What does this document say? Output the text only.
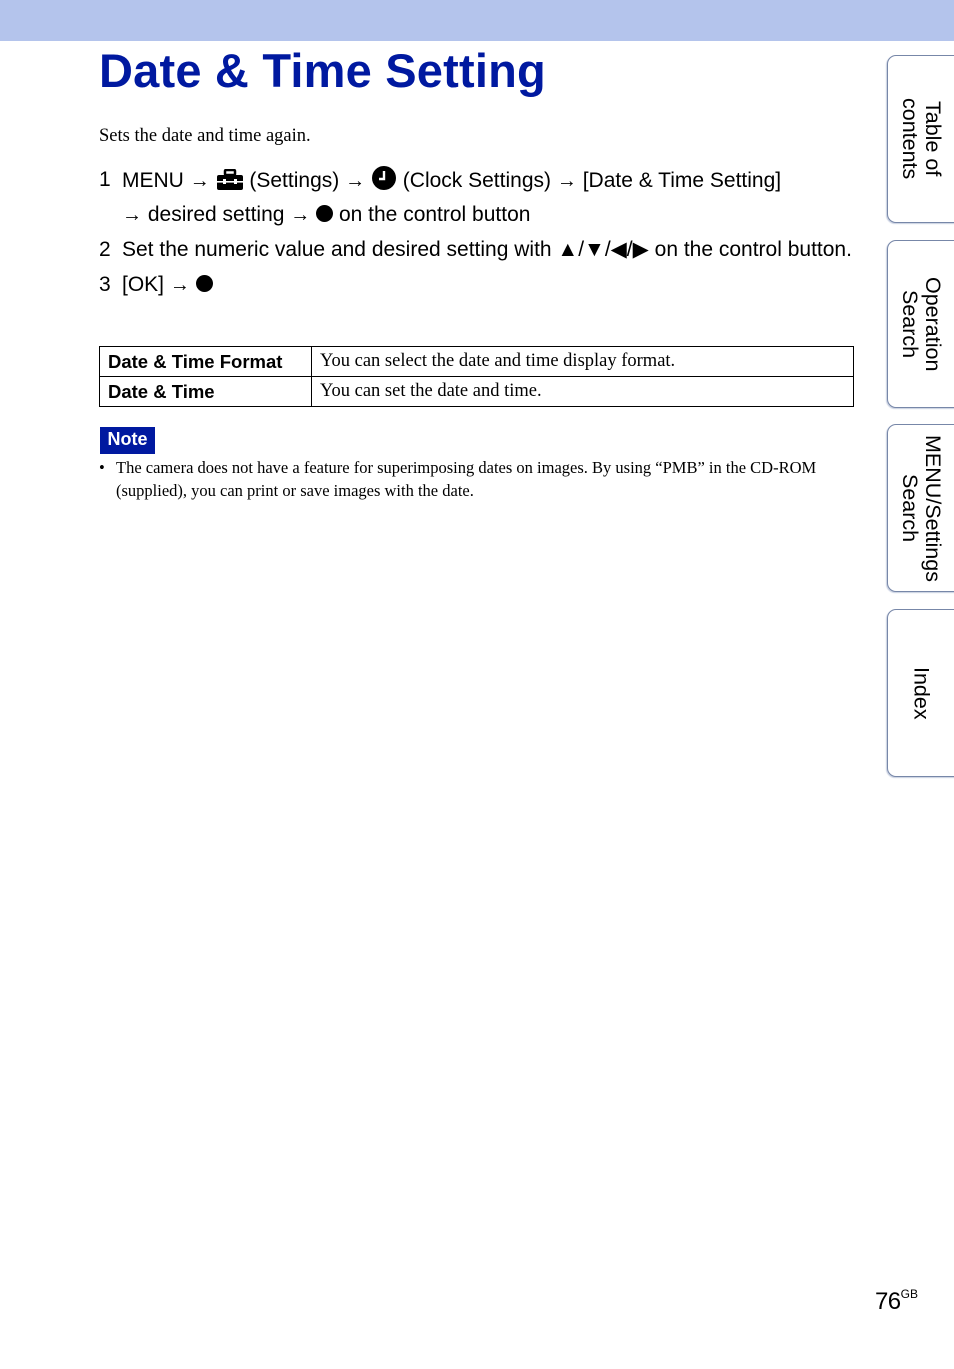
Date & Time Setting

Sets the date and time again.

1 MENU → (Settings) → (Clock Settings) → [Date & Time Setting]
→ desired setting → on the control button
2 Set the numeric value and desired setting with ▲/▼/◀/▶ on the control button.
3 [OK] →
Date & Time Format	You can select the date and time display format.
Date & Time	You can set the date and time.
Note

• The camera does not have a feature for superimposing dates on images. By using “PMB” in the CD-ROM (supplied), you can print or save images with the date.

Table of
contents
Operation
Search
MENU/Settings
Search
Index
$76^{GB}$
